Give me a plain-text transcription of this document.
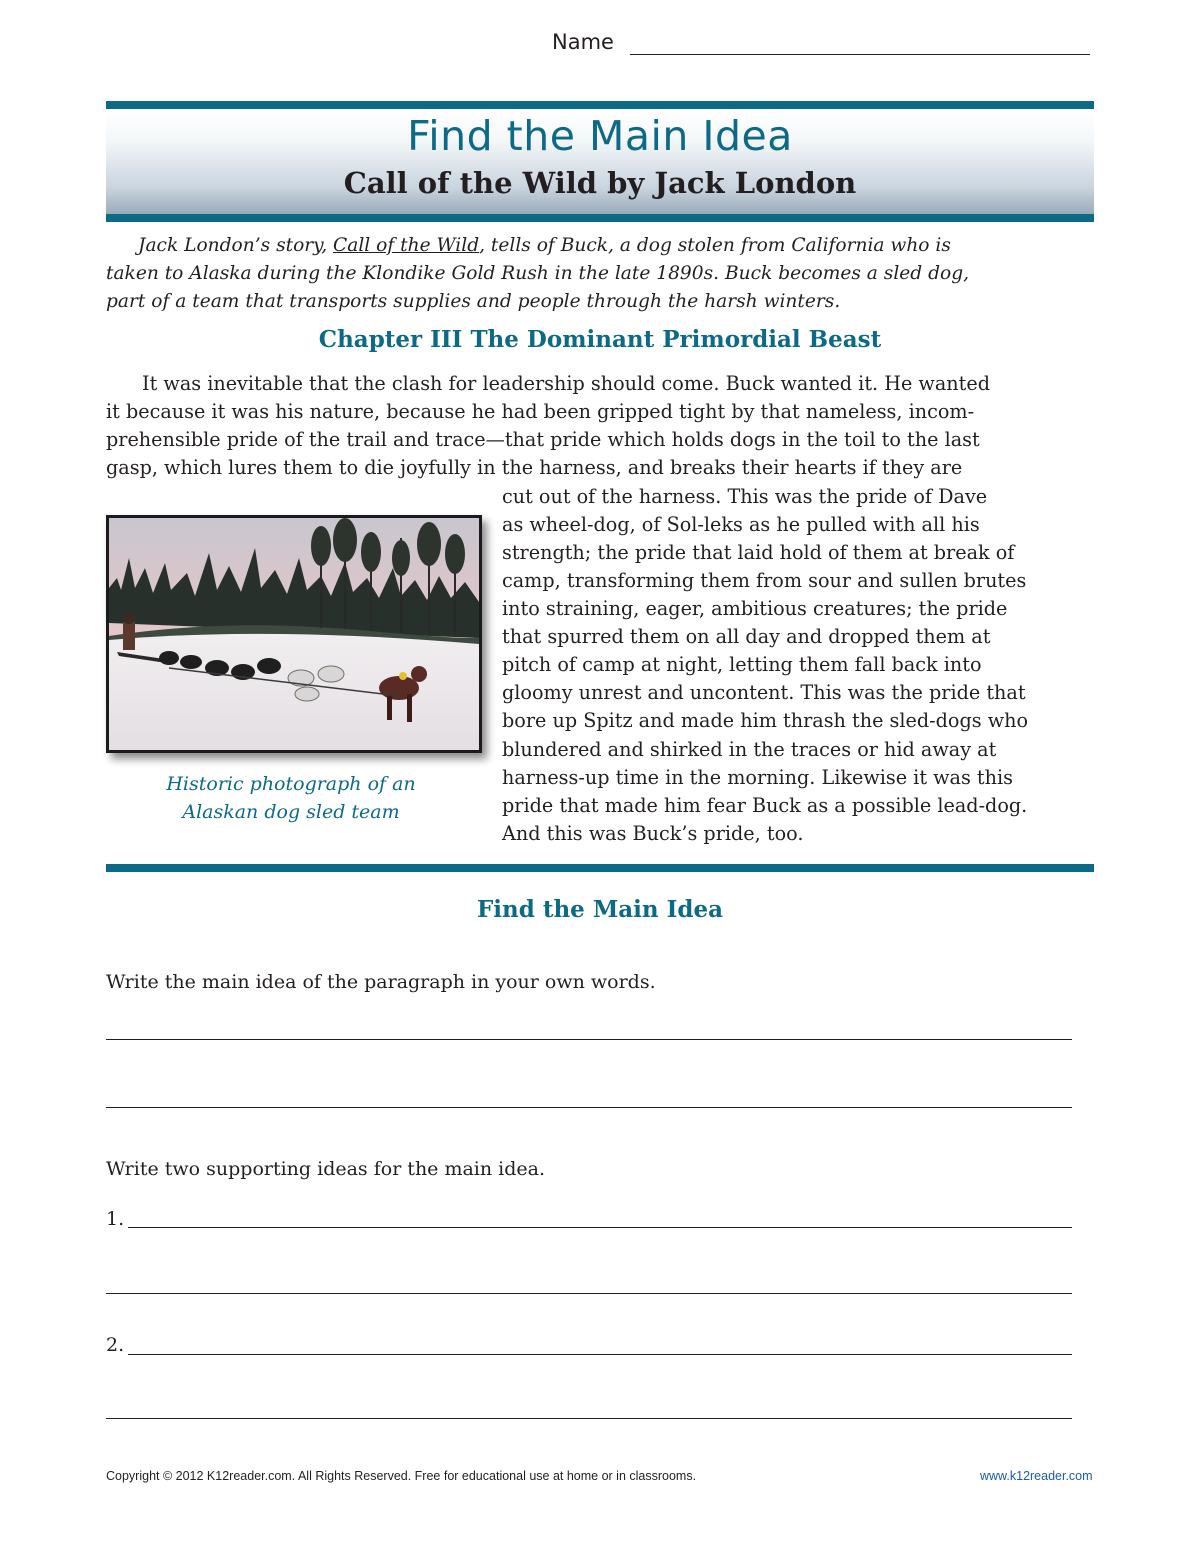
Name
Find the Main Idea
Call of the Wild by Jack London
Jack London’s story, Call of the Wild, tells of Buck, a dog stolen from California who is
taken to Alaska during the Klondike Gold Rush in the late 1890s. Buck becomes a sled dog,
part of a team that transports supplies and people through the harsh winters.
Chapter III The Dominant Primordial Beast
It was inevitable that the clash for leadership should come. Buck wanted it. He wanted
it because it was his nature, because he had been gripped tight by that nameless, incom-
prehensible pride of the trail and trace—that pride which holds dogs in the toil to the last
gasp, which lures them to die joyfully in the harness, and breaks their hearts if they are
cut out of the harness. This was the pride of Dave
as wheel-dog, of Sol-leks as he pulled with all his
strength; the pride that laid hold of them at break of
camp, transforming them from sour and sullen brutes
into straining, eager, ambitious creatures; the pride
that spurred them on all day and dropped them at
pitch of camp at night, letting them fall back into
gloomy unrest and uncontent. This was the pride that
bore up Spitz and made him thrash the sled-dogs who
blundered and shirked in the traces or hid away at
harness-up time in the morning. Likewise it was this
pride that made him fear Buck as a possible lead-dog.
And this was Buck’s pride, too.
Historic photograph of an
Alaskan dog sled team
Find the Main Idea
Write the main idea of the paragraph in your own words.
Write two supporting ideas for the main idea.
1.
2.
Copyright © 2012 K12reader.com. All Rights Reserved. Free for educational use at home or in classrooms.	www.k12reader.com
